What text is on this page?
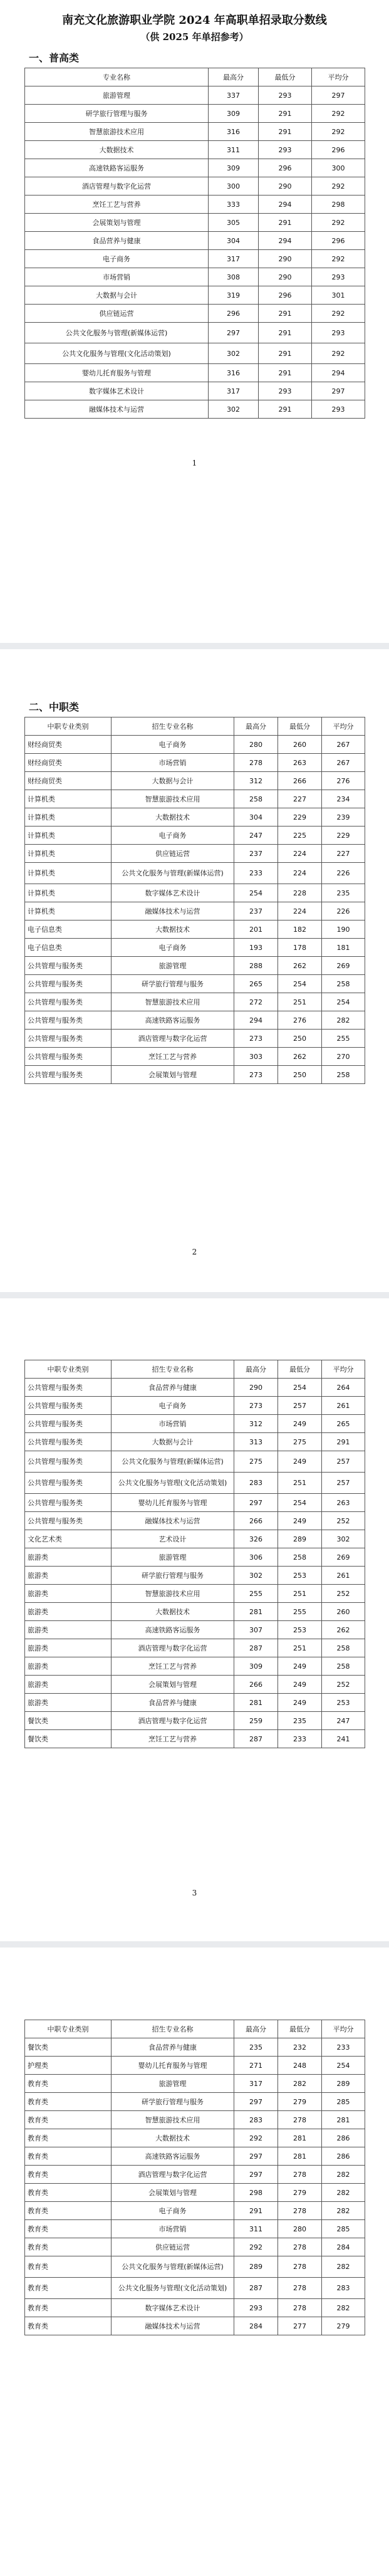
南充文化旅游职业学院 2024 年高职单招录取分数线
（供 2025 年单招参考）
一、普高类
专业名称	最高分	最低分	平均分
旅游管理	337	293	297
研学旅行管理与服务	309	291	292
智慧旅游技术应用	316	291	292
大数据技术	311	293	296
高速铁路客运服务	309	296	300
酒店管理与数字化运营	300	290	292
烹饪工艺与营养	333	294	298
会展策划与管理	305	291	292
食品营养与健康	304	294	296
电子商务	317	290	292
市场营销	308	290	293
大数据与会计	319	296	301
供应链运营	296	291	292
公共文化服务与管理(新媒体运营)	297	291	293
公共文化服务与管理(文化活动策划)	302	291	292
婴幼儿托育服务与管理	316	291	294
数字媒体艺术设计	317	293	297
融媒体技术与运营	302	291	293
1
二、中职类
中职专业类别	招生专业名称	最高分	最低分	平均分
财经商贸类	电子商务	280	260	267
财经商贸类	市场营销	278	263	267
财经商贸类	大数据与会计	312	266	276
计算机类	智慧旅游技术应用	258	227	234
计算机类	大数据技术	304	229	239
计算机类	电子商务	247	225	229
计算机类	供应链运营	237	224	227
计算机类	公共文化服务与管理(新媒体运营)	233	224	226
计算机类	数字媒体艺术设计	254	228	235
计算机类	融媒体技术与运营	237	224	226
电子信息类	大数据技术	201	182	190
电子信息类	电子商务	193	178	181
公共管理与服务类	旅游管理	288	262	269
公共管理与服务类	研学旅行管理与服务	265	254	258
公共管理与服务类	智慧旅游技术应用	272	251	254
公共管理与服务类	高速铁路客运服务	294	276	282
公共管理与服务类	酒店管理与数字化运营	273	250	255
公共管理与服务类	烹饪工艺与营养	303	262	270
公共管理与服务类	会展策划与管理	273	250	258
2
中职专业类别	招生专业名称	最高分	最低分	平均分
公共管理与服务类	食品营养与健康	290	254	264
公共管理与服务类	电子商务	273	257	261
公共管理与服务类	市场营销	312	249	265
公共管理与服务类	大数据与会计	313	275	291
公共管理与服务类	公共文化服务与管理(新媒体运营)	275	249	257
公共管理与服务类	公共文化服务与管理(文化活动策划)	283	251	257
公共管理与服务类	婴幼儿托育服务与管理	297	254	263
公共管理与服务类	融媒体技术与运营	266	249	252
文化艺术类	艺术设计	326	289	302
旅游类	旅游管理	306	258	269
旅游类	研学旅行管理与服务	302	253	261
旅游类	智慧旅游技术应用	255	251	252
旅游类	大数据技术	281	255	260
旅游类	高速铁路客运服务	307	253	262
旅游类	酒店管理与数字化运营	287	251	258
旅游类	烹饪工艺与营养	309	249	258
旅游类	会展策划与管理	266	249	252
旅游类	食品营养与健康	281	249	253
餐饮类	酒店管理与数字化运营	259	235	247
餐饮类	烹饪工艺与营养	287	233	241
3
中职专业类别	招生专业名称	最高分	最低分	平均分
餐饮类	食品营养与健康	235	232	233
护理类	婴幼儿托育服务与管理	271	248	254
教育类	旅游管理	317	282	289
教育类	研学旅行管理与服务	297	279	285
教育类	智慧旅游技术应用	283	278	281
教育类	大数据技术	292	281	286
教育类	高速铁路客运服务	297	281	286
教育类	酒店管理与数字化运营	297	278	282
教育类	会展策划与管理	298	279	282
教育类	电子商务	291	278	282
教育类	市场营销	311	280	285
教育类	供应链运营	292	278	284
教育类	公共文化服务与管理(新媒体运营)	289	278	282
教育类	公共文化服务与管理(文化活动策划)	287	278	283
教育类	数字媒体艺术设计	293	278	282
教育类	融媒体技术与运营	284	277	279
